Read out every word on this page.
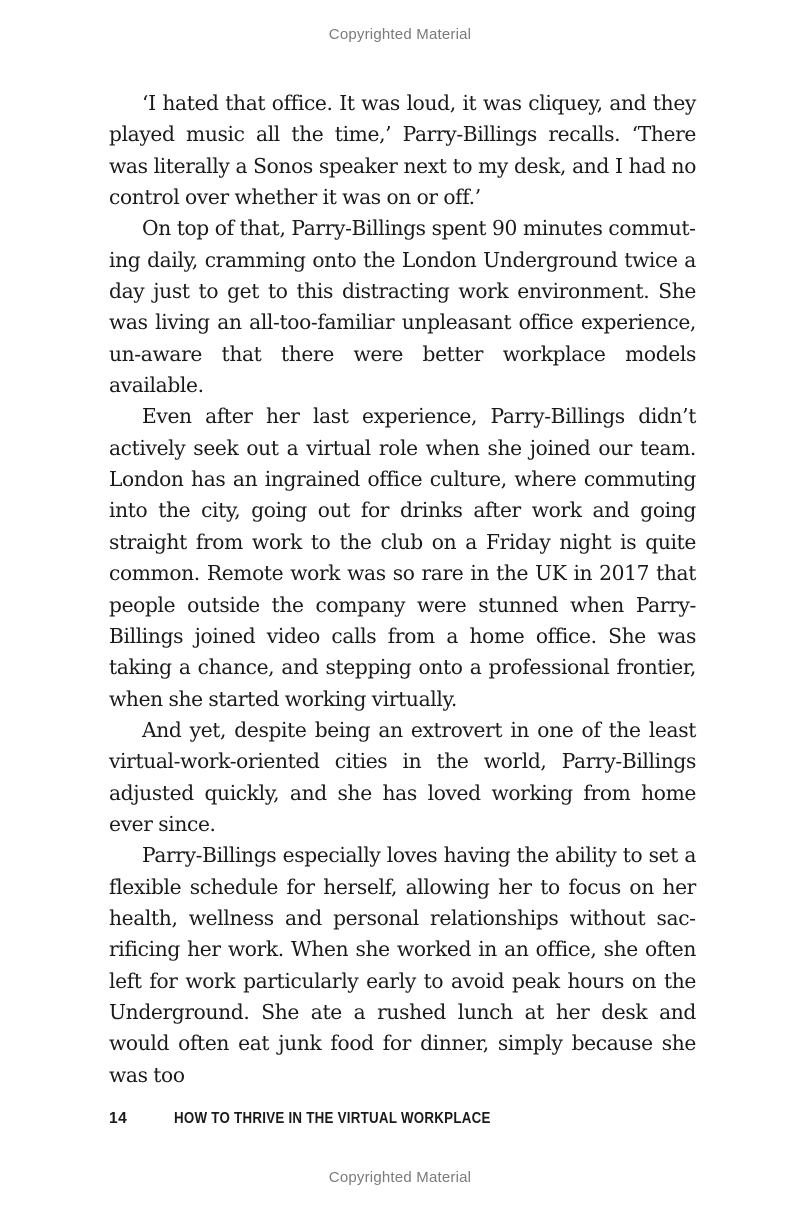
Copyrighted Material

‘I hated that office. It was loud, it was cliquey, and they played music all the time,’ Parry-Billings recalls. ‘There was literally a Sonos speaker next to my desk, and I had no control over whether it was on or off.’

On top of that, Parry-Billings spent 90 minutes commuting daily, cramming onto the London Underground twice a day just to get to this distracting work environment. She was living an all-too-familiar unpleasant office experience, un-aware that there were better workplace models available.

Even after her last experience, Parry-Billings didn’t actively seek out a virtual role when she joined our team. London has an ingrained office culture, where commuting into the city, going out for drinks after work and going straight from work to the club on a Friday night is quite common. Remote work was so rare in the UK in 2017 that people outside the company were stunned when Parry-Billings joined video calls from a home office. She was taking a chance, and stepping onto a professional frontier, when she started working virtually.

And yet, despite being an extrovert in one of the least virtual-work-oriented cities in the world, Parry-Billings adjusted quickly, and she has loved working from home ever since.

Parry-Billings especially loves having the ability to set a flexible schedule for herself, allowing her to focus on her health, wellness and personal relationships without sacrificing her work. When she worked in an office, she often left for work particularly early to avoid peak hours on the Underground. She ate a rushed lunch at her desk and would often eat junk food for dinner, simply because she was too

14	HOW TO THRIVE IN THE VIRTUAL WORKPLACE
Copyrighted Material
